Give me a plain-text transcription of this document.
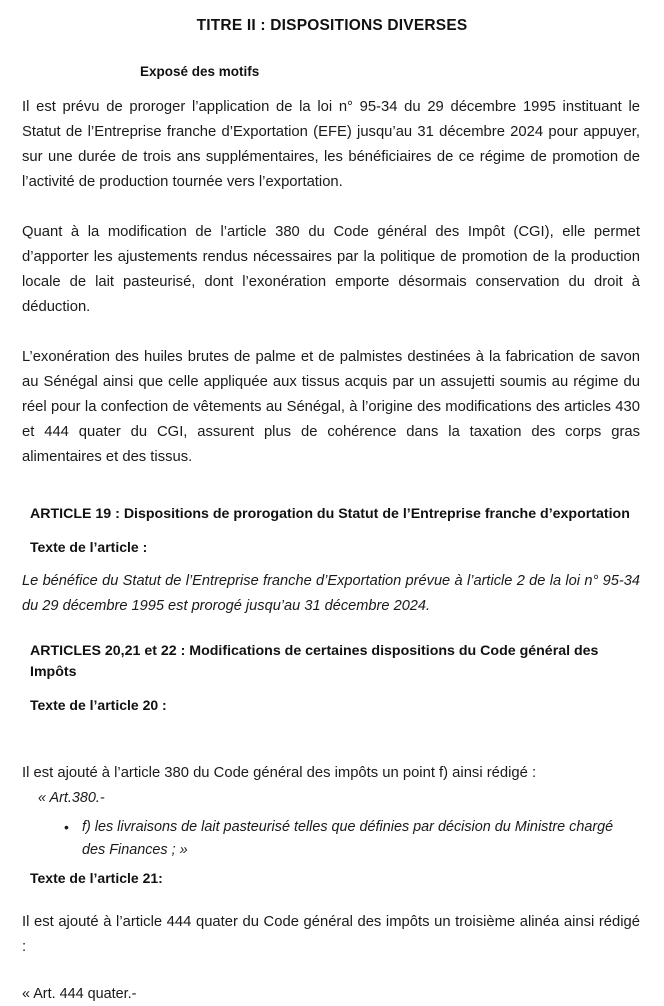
TITRE II : DISPOSITIONS DIVERSES
Exposé des motifs

Il est prévu de proroger l’application de la loi n° 95-34 du 29 décembre 1995 instituant le Statut de l’Entreprise franche d’Exportation (EFE) jusqu’au 31 décembre 2024 pour appuyer, sur une durée de trois ans supplémentaires, les bénéficiaires de ce régime de promotion de l’activité de production tournée vers l’exportation.

Quant à la modification de l’article 380 du Code général des Impôt (CGI), elle permet d’apporter les ajustements rendus nécessaires par la politique de promotion de la production locale de lait pasteurisé, dont l’exonération emporte désormais conservation du droit à déduction.

L’exonération des huiles brutes de palme et de palmistes destinées à la fabrication de savon au Sénégal ainsi que celle appliquée aux tissus acquis par un assujetti soumis au régime du réel pour la confection de vêtements au Sénégal, à l’origine des modifications des articles 430 et 444 quater du CGI, assurent plus de cohérence dans la taxation des corps gras alimentaires et des tissus.

ARTICLE 19 : Dispositions de prorogation du Statut de l’Entreprise franche d’exportation
Texte de l’article :

Le bénéfice du Statut de l’Entreprise franche d’Exportation prévue à l’article 2 de la loi n° 95-34 du 29 décembre 1995 est prorogé jusqu’au 31 décembre 2024.

ARTICLES 20,21 et 22 : Modifications de certaines dispositions du Code général des Impôts
Texte de l’article 20 :

Il est ajouté à l’article 380 du Code général des impôts un point f) ainsi rédigé :

« Art.380.-
• f) les livraisons de lait pasteurisé telles que définies par décision du Ministre chargé des Finances ; »
Texte de l’article 21:

Il est ajouté à l’article 444 quater du Code général des impôts un troisième alinéa ainsi rédigé :

« Art. 444 quater.-
